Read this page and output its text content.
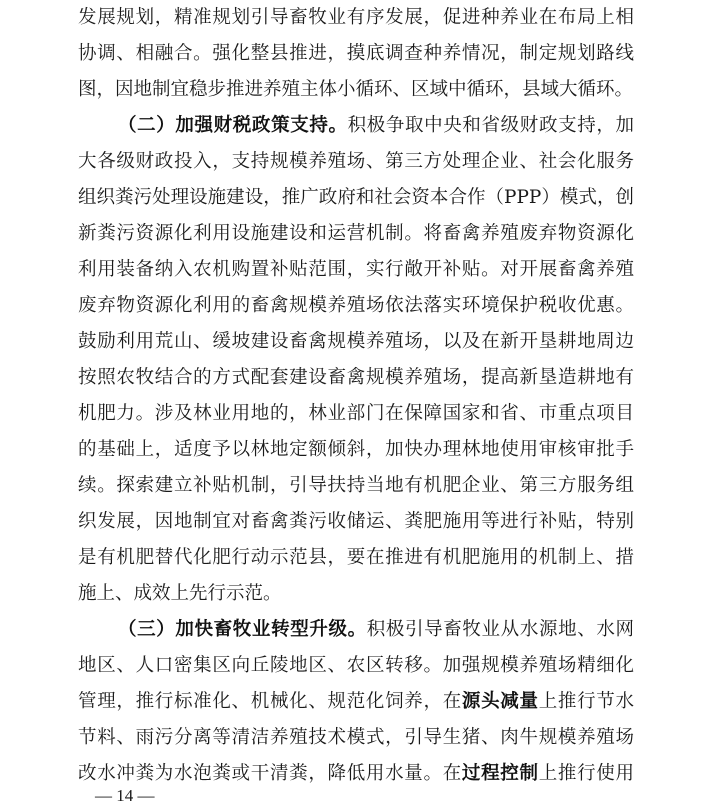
发展规划，精准规划引导畜牧业有序发展，促进种养业在布局上相
协调、相融合。强化整县推进，摸底调查种养情况，制定规划路线
图，因地制宜稳步推进养殖主体小循环、区域中循环，县域大循环。
（二）加强财税政策支持。积极争取中央和省级财政支持，加
大各级财政投入，支持规模养殖场、第三方处理企业、社会化服务
组织粪污处理设施建设，推广政府和社会资本合作（PPP）模式，创
新粪污资源化利用设施建设和运营机制。将畜禽养殖废弃物资源化
利用装备纳入农机购置补贴范围，实行敞开补贴。对开展畜禽养殖
废弃物资源化利用的畜禽规模养殖场依法落实环境保护税收优惠。
鼓励利用荒山、缓坡建设畜禽规模养殖场，以及在新开垦耕地周边
按照农牧结合的方式配套建设畜禽规模养殖场，提高新垦造耕地有
机肥力。涉及林业用地的，林业部门在保障国家和省、市重点项目
的基础上，适度予以林地定额倾斜，加快办理林地使用审核审批手
续。探索建立补贴机制，引导扶持当地有机肥企业、第三方服务组
织发展，因地制宜对畜禽粪污收储运、粪肥施用等进行补贴，特别
是有机肥替代化肥行动示范县，要在推进有机肥施用的机制上、措
施上、成效上先行示范。
（三）加快畜牧业转型升级。积极引导畜牧业从水源地、水网
地区、人口密集区向丘陵地区、农区转移。加强规模养殖场精细化
管理，推行标准化、机械化、规范化饲养，在源头减量上推行节水
节料、雨污分离等清洁养殖技术模式，引导生猪、肉牛规模养殖场
改水冲粪为水泡粪或干清粪，降低用水量。在过程控制上推行使用
— 14 —
